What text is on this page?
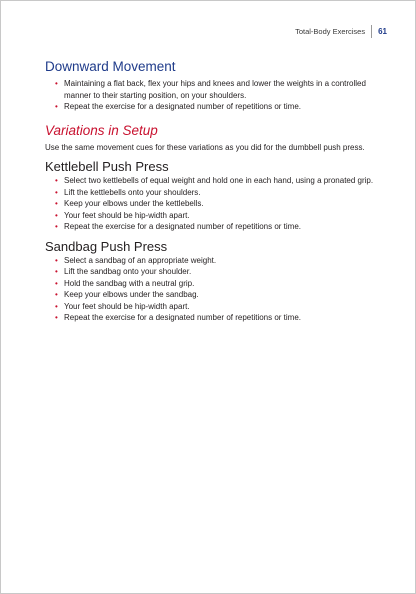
Total-Body Exercises 61
Downward Movement
• Maintaining a flat back, flex your hips and knees and lower the weights in a controlled manner to their starting position, on your shoulders.
• Repeat the exercise for a designated number of repetitions or time.
Variations in Setup

Use the same movement cues for these variations as you did for the dumbbell push press.

Kettlebell Push Press
• Select two kettlebells of equal weight and hold one in each hand, using a pronated grip.
• Lift the kettlebells onto your shoulders.
• Keep your elbows under the kettlebells.
• Your feet should be hip-width apart.
• Repeat the exercise for a designated number of repetitions or time.
Sandbag Push Press
• Select a sandbag of an appropriate weight.
• Lift the sandbag onto your shoulder.
• Hold the sandbag with a neutral grip.
• Keep your elbows under the sandbag.
• Your feet should be hip-width apart.
• Repeat the exercise for a designated number of repetitions or time.
